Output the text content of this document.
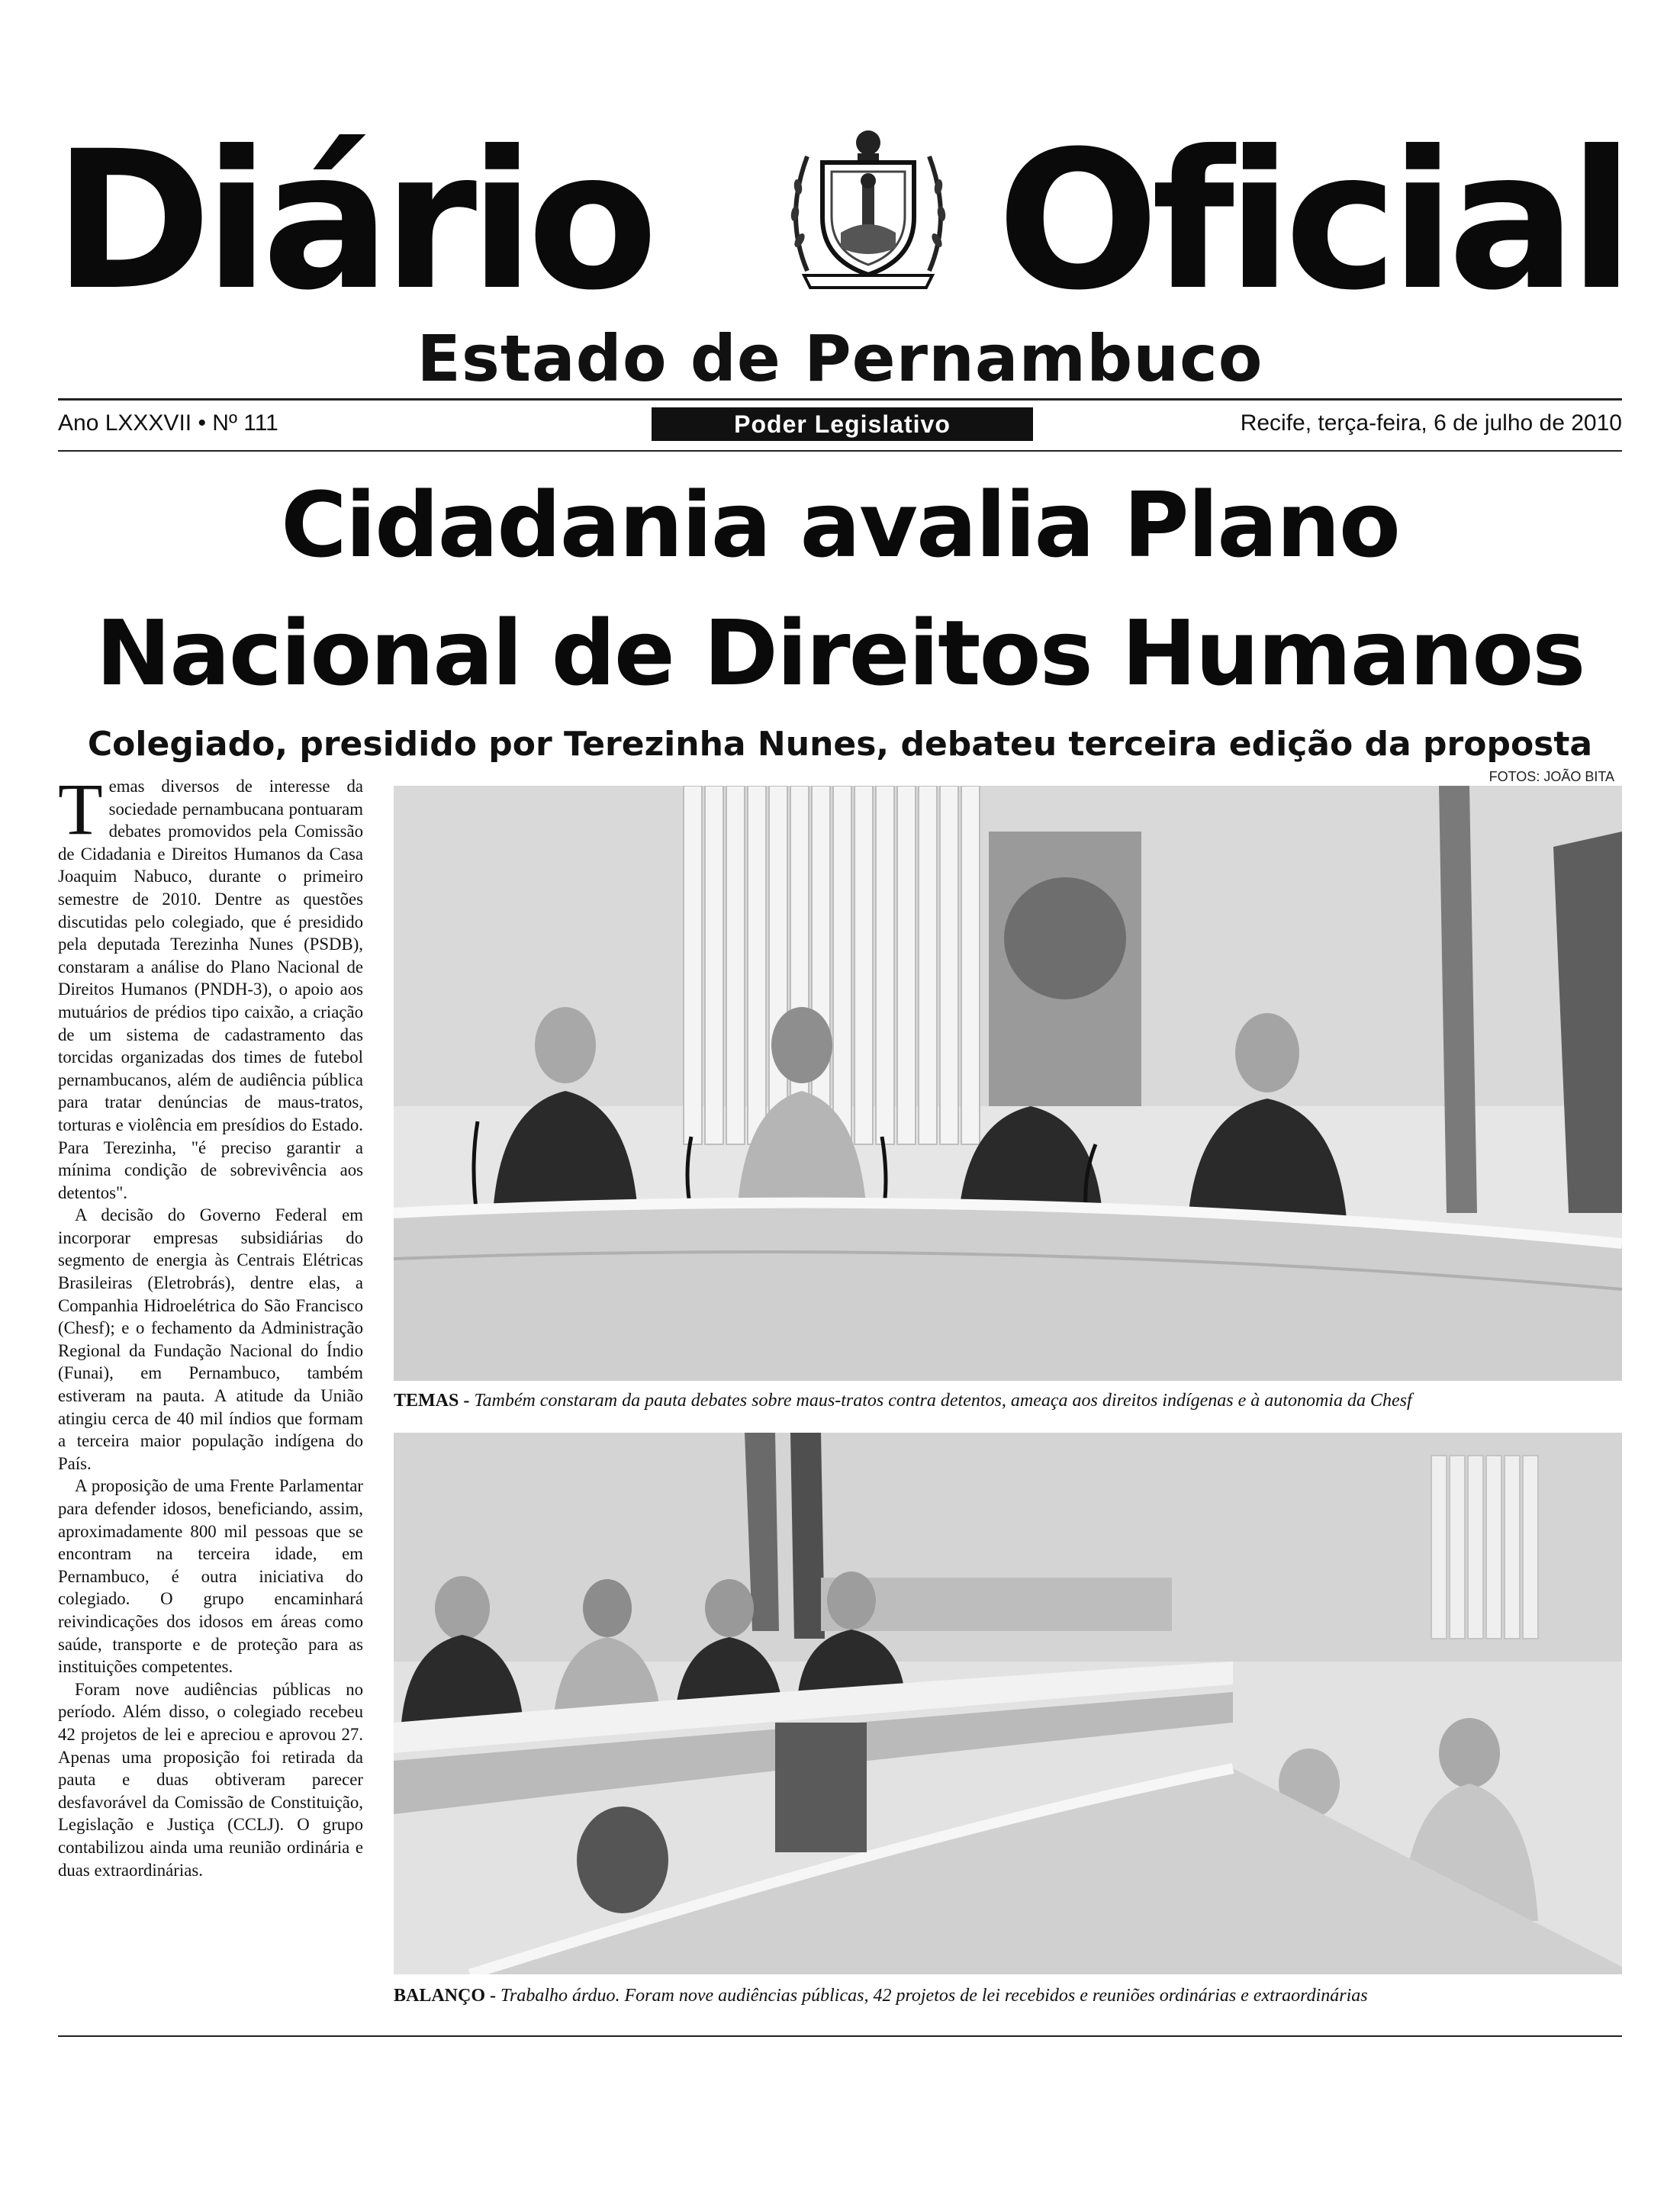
Diário Oficial
Estado de Pernambuco
Ano LXXXVII • Nº 111	Poder Legislativo	Recife, terça-feira, 6 de julho de 2010
Cidadania avalia Plano
Nacional de Direitos Humanos
Colegiado, presidido por Terezinha Nunes, debateu terceira edição da proposta
FOTOS: JOÃO BITA

Temas diversos de interesse da sociedade pernambucana pontuaram debates promovidos pela Comissão de Cidadania e Direitos Humanos da Casa Joaquim Nabuco, durante o primeiro semestre de 2010. Dentre as questões discutidas pelo colegiado, que é presidido pela deputada Terezinha Nunes (PSDB), constaram a análise do Plano Nacional de Direitos Humanos (PNDH-3), o apoio aos mutuários de prédios tipo caixão, a criação de um sistema de cadastramento das torcidas organizadas dos times de futebol pernambucanos, além de audiência pública para tratar denúncias de maus-tratos, torturas e violência em presídios do Estado. Para Terezinha, "é preciso garantir a mínima condição de sobrevivência aos detentos".

A decisão do Governo Federal em incorporar empresas subsidiárias do segmento de energia às Centrais Elétricas Brasileiras (Eletrobrás), dentre elas, a Companhia Hidroelétrica do São Francisco (Chesf); e o fechamento da Administração Regional da Fundação Nacional do Índio (Funai), em Pernambuco, também estiveram na pauta. A atitude da União atingiu cerca de 40 mil índios que formam a terceira maior população indígena do País.

A proposição de uma Frente Parlamentar para defender idosos, beneficiando, assim, aproximadamente 800 mil pessoas que se encontram na terceira idade, em Pernambuco, é outra iniciativa do colegiado. O grupo encaminhará reivindicações dos idosos em áreas como saúde, transporte e de proteção para as instituições competentes.

Foram nove audiências públicas no período. Além disso, o colegiado recebeu 42 projetos de lei e apreciou e aprovou 27. Apenas uma proposição foi retirada da pauta e duas obtiveram parecer desfavorável da Comissão de Constituição, Legislação e Justiça (CCLJ). O grupo contabilizou ainda uma reunião ordinária e duas extraordinárias.

TEMAS - Também constaram da pauta debates sobre maus-tratos contra detentos, ameaça aos direitos indígenas e à autonomia da Chesf
BALANÇO - Trabalho árduo. Foram nove audiências públicas, 42 projetos de lei recebidos e reuniões ordinárias e extraordinárias
